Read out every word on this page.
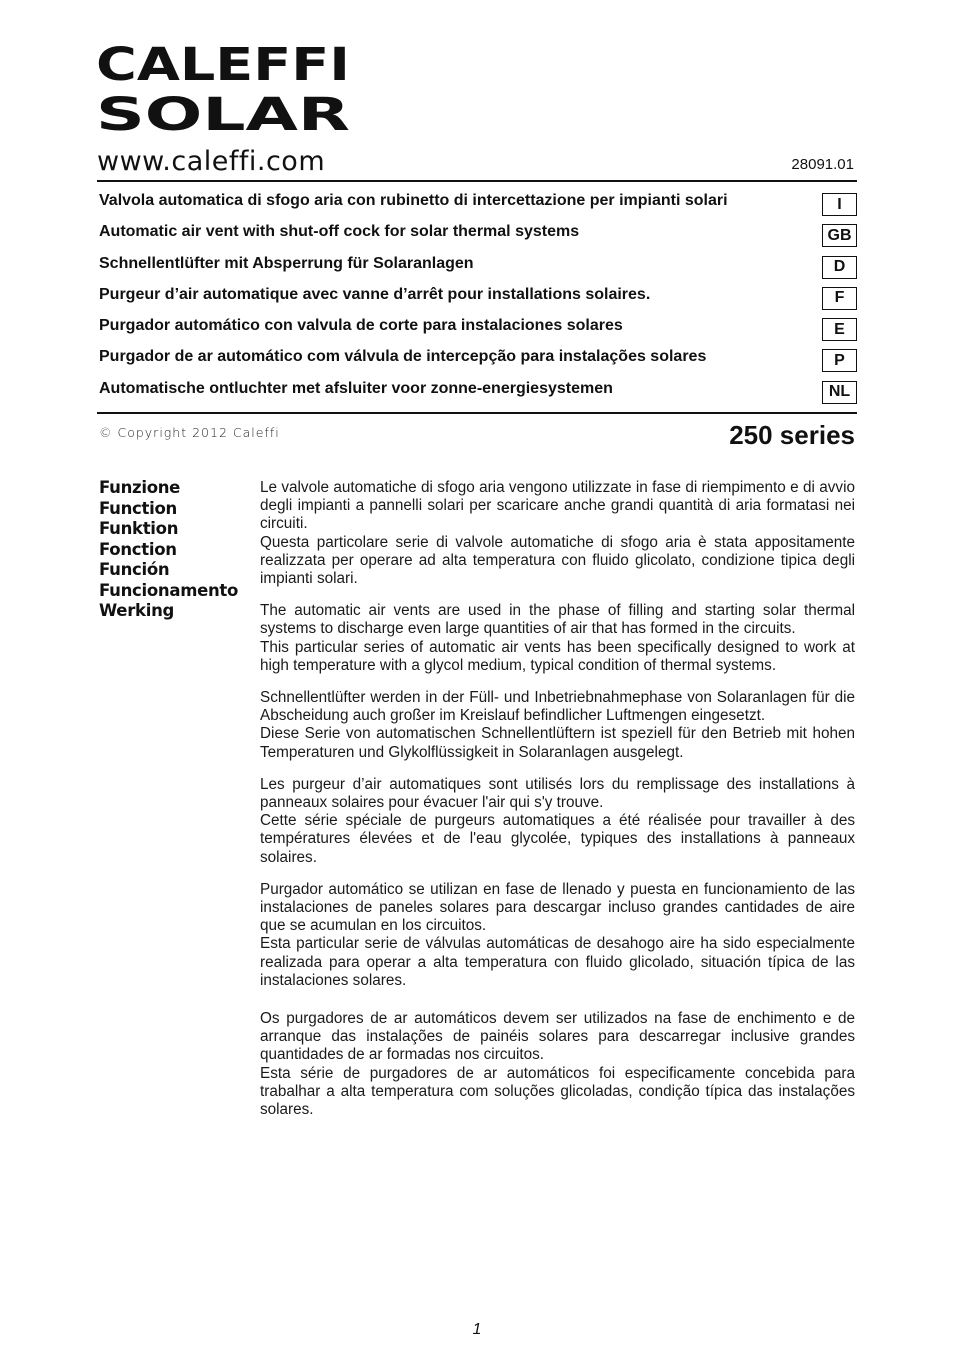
CALEFFI
SOLAR
www.caleffi.com	28091.01
Valvola automatica di sfogo aria con rubinetto di intercettazione per impianti solari	I
Automatic air vent with shut-off cock for solar thermal systems	GB
Schnellentlüfter mit Absperrung für Solaranlagen	D
Purgeur d’air automatique avec vanne d’arrêt pour installations solaires.	F
Purgador automático con valvula de corte para instalaciones solares	E
Purgador de ar automático com válvula de intercepção para instalações solares	P
Automatische ontluchter met afsluiter voor zonne-energiesystemen	NL
© Copyright 2012 Caleffi	250 series
Funzione
Function
Funktion
Fonction
Función
Funcionamento
Werking

Le valvole automatiche di sfogo aria vengono utilizzate in fase di riempimento e di avvio degli impianti a pannelli solari per scaricare anche grandi quantità di aria formatasi nei circuiti.

Questa particolare serie di valvole automatiche di sfogo aria è stata appositamente realizzata per operare ad alta temperatura con fluido glicolato, condizione tipica degli impianti solari.

The automatic air vents are used in the phase of filling and starting solar thermal systems to discharge even large quantities of air that has formed in the circuits.

This particular series of automatic air vents has been specifically designed to work at high temperature with a glycol medium, typical condition of thermal systems.

Schnellentlüfter werden in der Füll- und Inbetriebnahmephase von Solaranlagen für die Abscheidung auch großer im Kreislauf befindlicher Luftmengen eingesetzt.

Diese Serie von automatischen Schnellentlüftern ist speziell für den Betrieb mit hohen Temperaturen und Glykolflüssigkeit in Solaranlagen ausgelegt.

Les purgeur d’air automatiques sont utilisés lors du remplissage des installations à panneaux solaires pour évacuer l'air qui s'y trouve.

Cette série spéciale de purgeurs automatiques a été réalisée pour travailler à des températures élevées et de l'eau glycolée, typiques des installations à panneaux solaires.

Purgador automático se utilizan en fase de llenado y puesta en funcionamiento de las instalaciones de paneles solares para descargar incluso grandes cantidades de aire que se acumulan en los circuitos.

Esta particular serie de válvulas automáticas de desahogo aire ha sido especialmente realizada para operar a alta temperatura con fluido glicolado, situación típica de las instalaciones solares.

Os purgadores de ar automáticos devem ser utilizados na fase de enchimento e de arranque das instalações de painéis solares para descarregar inclusive grandes quantidades de ar formadas nos circuitos.

Esta série de purgadores de ar automáticos foi especificamente concebida para trabalhar a alta temperatura com soluções glicoladas, condição típica das instalações solares.

1
